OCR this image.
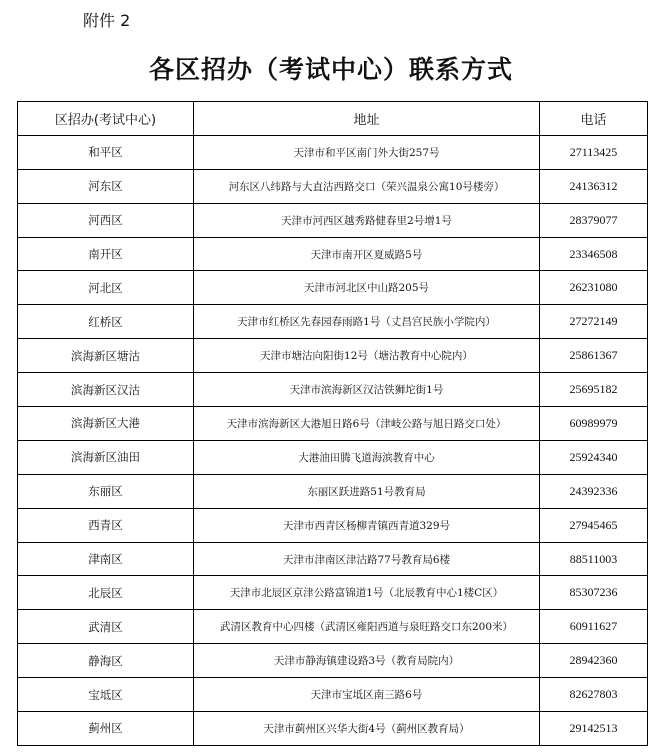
附件 2
各区招办（考试中心）联系方式
区招办(考试中心)	地址	电话
和平区	天津市和平区南门外大街257号	27113425
河东区	河东区八纬路与大直沽西路交口（荣兴温泉公寓10号楼旁）	24136312
河西区	天津市河西区越秀路健春里2号增1号	28379077
南开区	天津市南开区夏威路5号	23346508
河北区	天津市河北区中山路205号	26231080
红桥区	天津市红桥区先春园春雨路1号（丈昌宫民族小学院内）	27272149
滨海新区塘沽	天津市塘沽向阳街12号（塘沽教育中心院内）	25861367
滨海新区汉沽	天津市滨海新区汉沽铁狮坨街1号	25695182
滨海新区大港	天津市滨海新区大港旭日路6号（津岐公路与旭日路交口处）	60989979
滨海新区油田	大港油田腾飞道海滨教育中心	25924340
东丽区	东丽区跃进路51号教育局	24392336
西青区	天津市西青区杨柳青镇西青道329号	27945465
津南区	天津市津南区津沽路77号教育局6楼	88511003
北辰区	天津市北辰区京津公路富锦道1号（北辰教育中心1楼C区）	85307236
武清区	武清区教育中心四楼（武清区雍阳西道与泉旺路交口东200米）	60911627
静海区	天津市静海镇建设路3号（教育局院内）	28942360
宝坻区	天津市宝坻区南三路6号	82627803
蓟州区	天津市蓟州区兴华大街4号（蓟州区教育局）	29142513
